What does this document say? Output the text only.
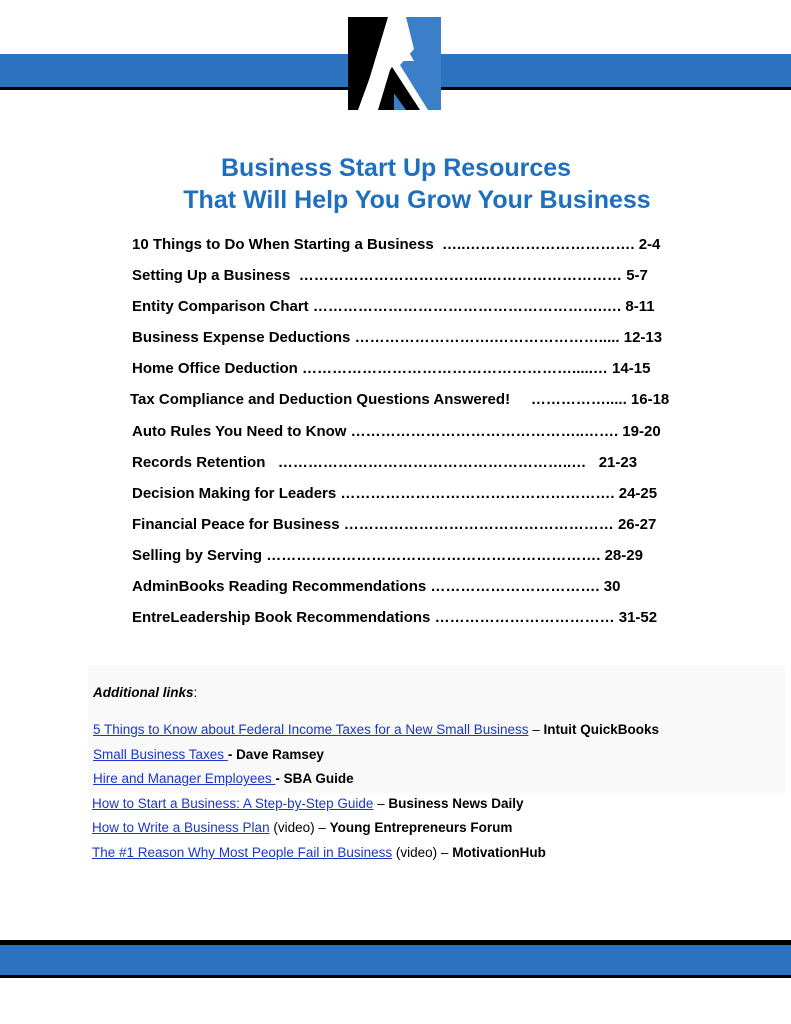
Business Start Up Resources
That Will Help You Grow Your Business
10 Things to Do When Starting a Business  …..……………………………. 2-4
Setting Up a Business  ………………………………..……………………… 5-7
Entity Comparison Chart ………………………………………………….…. 8-11
Business Expense Deductions ……………………….…………………..... 12-13
Home Office Deduction ……………………………………………….....… 14-15
Tax Compliance and Deduction Questions Answered!     ……………..... 16-18
Auto Rules You Need to Know ………………………………………..……. 19-20
Records Retention   …………………………………………………..…   21-23
Decision Making for Leaders ………………………………………………. 24-25
Financial Peace for Business ……………………………………………… 26-27
Selling by Serving …………………………………………………………. 28-29
AdminBooks Reading Recommendations ……………………………. 30
EntreLeadership Book Recommendations ……………………………… 31-52
Additional links:
5 Things to Know about Federal Income Taxes for a New Small Business – Intuit QuickBooks
Small Business Taxes - Dave Ramsey
Hire and Manager Employees - SBA Guide
How to Start a Business: A Step-by-Step Guide – Business News Daily
How to Write a Business Plan (video) – Young Entrepreneurs Forum
The #1 Reason Why Most People Fail in Business (video) – MotivationHub
